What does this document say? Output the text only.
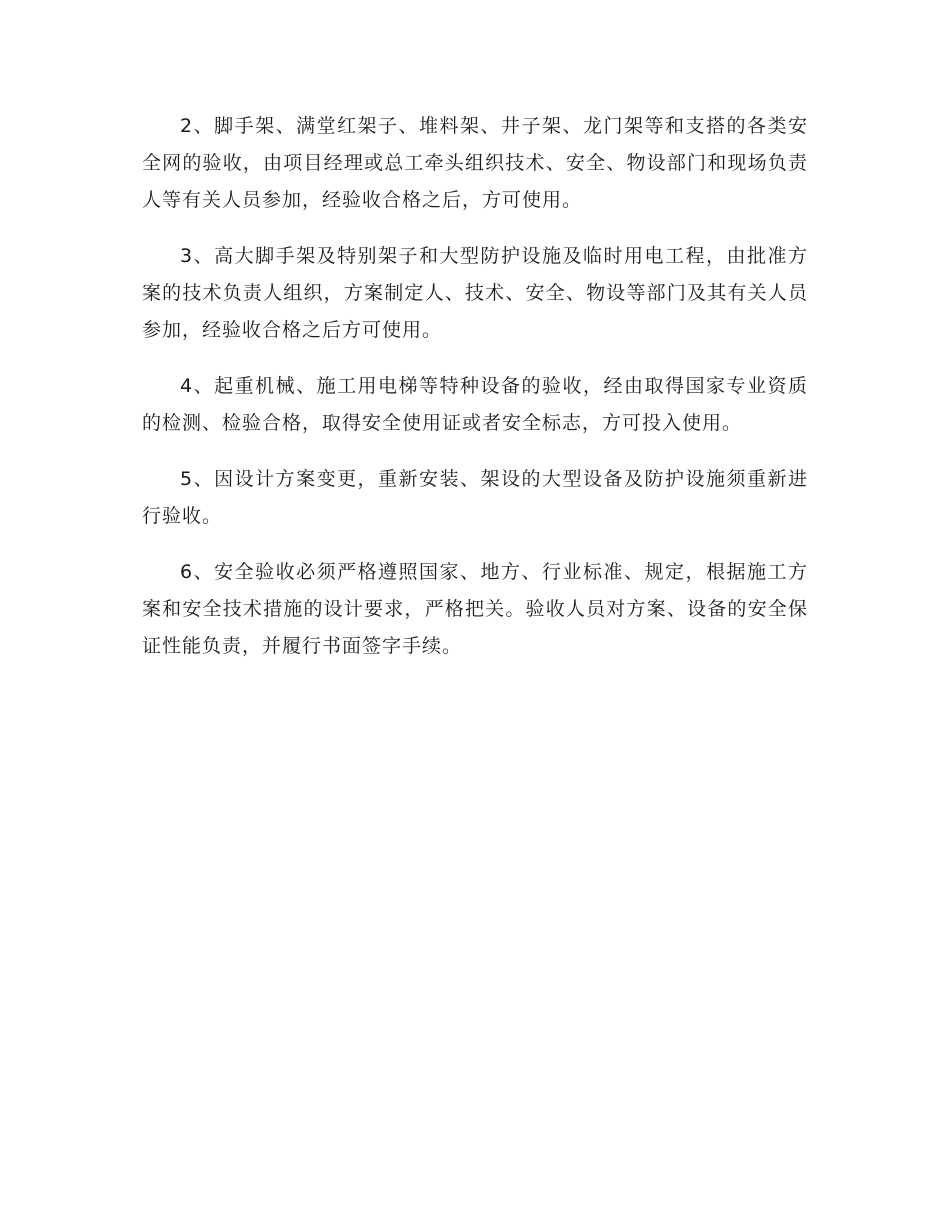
2、脚手架、满堂红架子、堆料架、井子架、龙门架等和支搭的各类安全网的验收，由项目经理或总工牵头组织技术、安全、物设部门和现场负责人等有关人员参加，经验收合格之后，方可使用。

3、高大脚手架及特别架子和大型防护设施及临时用电工程，由批准方案的技术负责人组织，方案制定人、技术、安全、物设等部门及其有关人员参加，经验收合格之后方可使用。

4、起重机械、施工用电梯等特种设备的验收，经由取得国家专业资质的检测、检验合格，取得安全使用证或者安全标志，方可投入使用。

5、因设计方案变更，重新安装、架设的大型设备及防护设施须重新进行验收。

6、安全验收必须严格遵照国家、地方、行业标准、规定，根据施工方案和安全技术措施的设计要求，严格把关。验收人员对方案、设备的安全保证性能负责，并履行书面签字手续。
